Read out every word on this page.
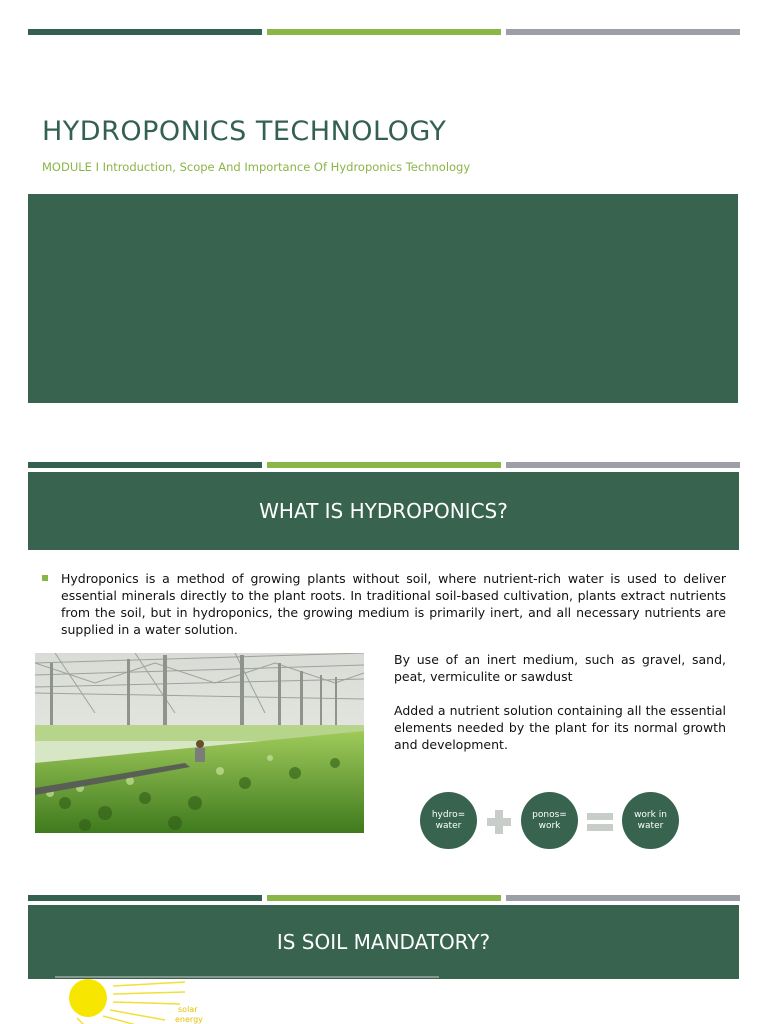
HYDROPONICS TECHNOLOGY
MODULE I Introduction, Scope And Importance Of Hydroponics Technology
WHAT IS HYDROPONICS?

Hydroponics is a method of growing plants without soil, where nutrient-rich water is used to deliver essential minerals directly to the plant roots. In traditional soil-based cultivation, plants extract nutrients from the soil, but in hydroponics, the growing medium is primarily inert, and all necessary nutrients are supplied in a water solution.

By use of an inert medium, such as gravel, sand, peat, vermiculite or sawdust

Added a nutrient solution containing all the essential elements needed by the plant for its normal growth and development.

hydro= water
ponos= work
work in water
IS SOIL MANDATORY?
solar
energy
